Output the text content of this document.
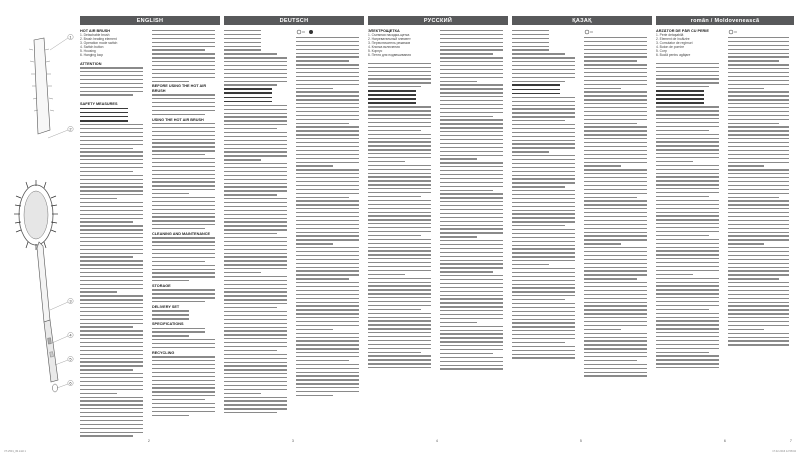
1
2
3
4
5
6
ENGLISH	DEUTSCH	РУССКИЙ	ҚАЗАҚ	român / Moldovenească
HOT AIR BRUSH
1. Detachable brush
2. Brush heating element
3. Operation mode switch
4. Switch button
5. Housing
6. Hanging loop
ATTENTION
SAFETY MEASURES
BEFORE USING THE HOT AIR BRUSH
USING THE HOT AIR BRUSH
CLEANING AND MAINTENANCE
STORAGE
DELIVERY SET
SPECIFICATIONS
RECYCLING
ЭЛЕКТРОЩЕТКА
1. Съемная насадка-щетка
2. Нагревательный элемент
3. Переключатель режимов
4. Кнопка включения
5. Корпус
6. Петля для подвешивания
ARZĂTOR DE PĂR CU PERIE
1. Perie detaşabilă
2. Element de încălzire
3. Comutator de regimuri
4. Buton de pornire
5. Corp
6. Buclă pentru agăţare
2	3	4	5	6	7
VT-2531_IM.indd 1	17.02.2016 12:58:04
